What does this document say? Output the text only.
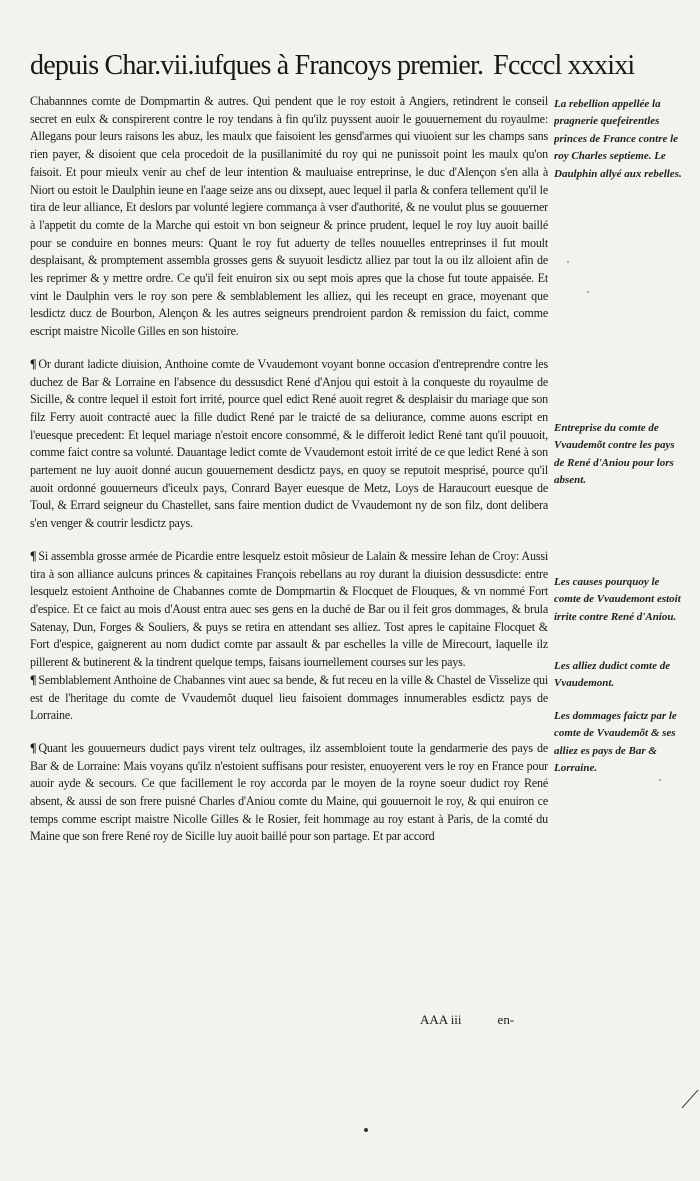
depuis Char.vii.iufques à Francoys premier. Fccccl xxxixi

Chabannnes comte de Dompmartin & autres. Qui pendent que le roy estoit à Angiers, retindrent le conseil secret en eulx & conspirerent contre le roy tendans à fin qu'ilz puyssent auoir le gouuernement du royaulme: Allegans pour leurs raisons les abuz, les maulx que faisoient les gensd'armes qui viuoient sur les champs sans rien payer, & disoient que cela procedoit de la pusillanimité du roy qui ne punissoit point les maulx qu'on faisoit. Et pour mieulx venir au chef de leur intention & mauluaise entreprinse, le duc d'Alençon s'en alla à Niort ou estoit le Daulphin ieune en l'aage seize ans ou dixsept, auec lequel il parla & confera tellement qu'il le tira de leur alliance, Et deslors par volunté legiere commança à vser d'authorité, & ne voulut plus se gouuerner à l'appetit du comte de la Marche qui estoit vn bon seigneur & prince prudent, lequel le roy luy auoit baillé pour se conduire en bonnes meurs: Quant le roy fut aduerty de telles nouuelles entreprinses il fut moult desplaisant, & promptement assembla grosses gens & suyuoit lesdictz alliez par tout la ou ilz alloient afin de les reprimer & y mettre ordre. Ce qu'il feit enuiron six ou sept mois apres que la chose fut toute appaisée. Et vint le Daulphin vers le roy son pere & semblablement les alliez, qui les receupt en grace, moyenant que lesdictz ducz de Bourbon, Alençon & les autres seigneurs prendroient pardon & remission du faict, comme escript maistre Nicolle Gilles en son histoire.

¶ Or durant ladicte diuision, Anthoine comte de Vvaudemont voyant bonne occasion d'entreprendre contre les duchez de Bar & Lorraine en l'absence du dessusdict René d'Anjou qui estoit à la conqueste du royaulme de Sicille, & contre lequel il estoit fort irrité, pource quel edict René auoit regret & desplaisir du mariage que son filz Ferry auoit contracté auec la fille dudict René par le traicté de sa deliurance, comme auons escript en l'euesque precedent: Et lequel mariage n'estoit encore consommé, & le differoit ledict René tant qu'il pouuoit, comme faict contre sa volunté. Dauantage ledict comte de Vvaudemont estoit irrité de ce que ledict René à son partement ne luy auoit donné aucun gouuernement desdictz pays, en quoy se reputoit mesprisé, pource qu'il auoit ordonné gouuerneurs d'iceulx pays, Conrard Bayer euesque de Metz, Loys de Haraucourt euesque de Toul, & Errard seigneur du Chastellet, sans faire mention dudict de Vvaudemont ny de son filz, dont delibera s'en venger & coutrir lesdictz pays.

¶ Si assembla grosse armée de Picardie entre lesquelz estoit mõsieur de Lalain & messire Iehan de Croy: Aussi tira à son alliance aulcuns princes & capitaines François rebellans au roy durant la diuision dessusdicte: entre lesquelz estoient Anthoine de Chabannes comte de Dompmartin & Flocquet de Flouques, & vn nommé Fort d'espice. Et ce faict au mois d'Aoust entra auec ses gens en la duché de Bar ou il feit gros dommages, & brula Satenay, Dun, Forges & Souliers, & puys se retira en attendant ses alliez. Tost apres le capitaine Flocquet & Fort d'espice, gaignerent au nom dudict comte par assault & par eschelles la ville de Mirecourt, laquelle ilz pillerent & butinerent & la tindrent quelque temps, faisans iournellement courses sur les pays.

¶ Semblablement Anthoine de Chabannes vint auec sa bende, & fut receu en la ville & Chastel de Visselize qui est de l'heritage du comte de Vvaudemõt duquel lieu faisoient dommages innumerables esdictz pays de Lorraine.

¶ Quant les gouuerneurs dudict pays virent telz oultrages, ilz assembloient toute la gendarmerie des pays de Bar & de Lorraine: Mais voyans qu'ilz n'estoient suffisans pour resister, enuoyerent vers le roy en France pour auoir ayde & secours. Ce que facillement le roy accorda par le moyen de la royne soeur dudict roy René absent, & aussi de son frere puisné Charles d'Aniou comte du Maine, qui gouuernoit le roy, & qui enuiron ce temps comme escript maistre Nicolle Gilles & le Rosier, feit hommage au roy estant à Paris, de la comté du Maine que son frere René roy de Sicille luy auoit baillé pour son partage. Et par accord

La rebellion appellée la pragnerie quefeirentles princes de France contre le roy Charles septieme. Le Daulphin allyé aux rebelles.
Entreprise du comte de Vvaudemõt contre les pays de René d'Aniou pour lors absent.
Les causes pourquoy le comte de Vvaudemont estoit irrite contre René d'Aniou.
Les alliez dudict comte de Vvaudemont.
Les dommages faictz par le comte de Vvaudemõt & ses alliez es pays de Bar & Lorraine.
AAA iii	en-
